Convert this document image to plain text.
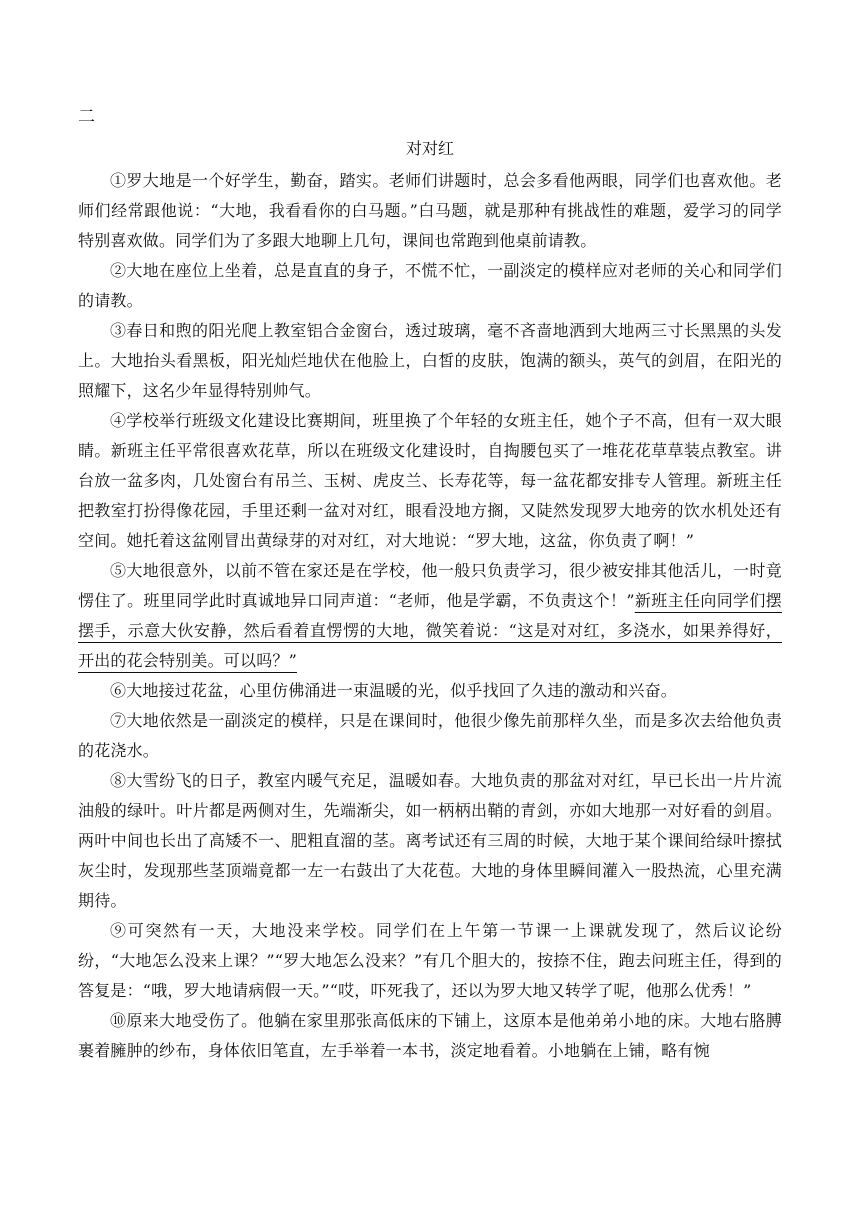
二
对对红

①罗大地是一个好学生，勤奋，踏实。老师们讲题时，总会多看他两眼，同学们也喜欢他。老师们经常跟他说：“大地，我看看你的白马题。”白马题，就是那种有挑战性的难题，爱学习的同学特别喜欢做。同学们为了多跟大地聊上几句，课间也常跑到他桌前请教。

②大地在座位上坐着，总是直直的身子，不慌不忙，一副淡定的模样应对老师的关心和同学们的请教。

③春日和煦的阳光爬上教室铝合金窗台，透过玻璃，毫不吝啬地洒到大地两三寸长黑黑的头发上。大地抬头看黑板，阳光灿烂地伏在他脸上，白皙的皮肤，饱满的额头，英气的剑眉，在阳光的照耀下，这名少年显得特别帅气。

④学校举行班级文化建设比赛期间，班里换了个年轻的女班主任，她个子不高，但有一双大眼睛。新班主任平常很喜欢花草，所以在班级文化建设时，自掏腰包买了一堆花花草草装点教室。讲台放一盆多肉，几处窗台有吊兰、玉树、虎皮兰、长寿花等，每一盆花都安排专人管理。新班主任把教室打扮得像花园，手里还剩一盆对对红，眼看没地方搁，又陡然发现罗大地旁的饮水机处还有空间。她托着这盆刚冒出黄绿芽的对对红，对大地说：“罗大地，这盆，你负责了啊！”

⑤大地很意外，以前不管在家还是在学校，他一般只负责学习，很少被安排其他活儿，一时竟愣住了。班里同学此时真诚地异口同声道：“老师，他是学霸，不负责这个！”新班主任向同学们摆摆手，示意大伙安静，然后看着直愣愣的大地，微笑着说：“这是对对红，多浇水，如果养得好，开出的花会特别美。可以吗？”

⑥大地接过花盆，心里仿佛涌进一束温暖的光，似乎找回了久违的激动和兴奋。

⑦大地依然是一副淡定的模样，只是在课间时，他很少像先前那样久坐，而是多次去给他负责的花浇水。

⑧大雪纷飞的日子，教室内暖气充足，温暖如春。大地负责的那盆对对红，早已长出一片片流油般的绿叶。叶片都是两侧对生，先端渐尖，如一柄柄出鞘的青剑，亦如大地那一对好看的剑眉。两叶中间也长出了高矮不一、肥粗直溜的茎。离考试还有三周的时候，大地于某个课间给绿叶擦拭灰尘时，发现那些茎顶端竟都一左一右鼓出了大花苞。大地的身体里瞬间灌入一股热流，心里充满期待。

⑨可突然有一天，大地没来学校。同学们在上午第一节课一上课就发现了，然后议论纷纷，“大地怎么没来上课？”“罗大地怎么没来？”有几个胆大的，按捺不住，跑去问班主任，得到的答复是：“哦，罗大地请病假一天。”“哎，吓死我了，还以为罗大地又转学了呢，他那么优秀！”

⑩原来大地受伤了。他躺在家里那张高低床的下铺上，这原本是他弟弟小地的床。大地右胳膊裹着臃肿的纱布，身体依旧笔直，左手举着一本书，淡定地看着。小地躺在上铺，略有惋
